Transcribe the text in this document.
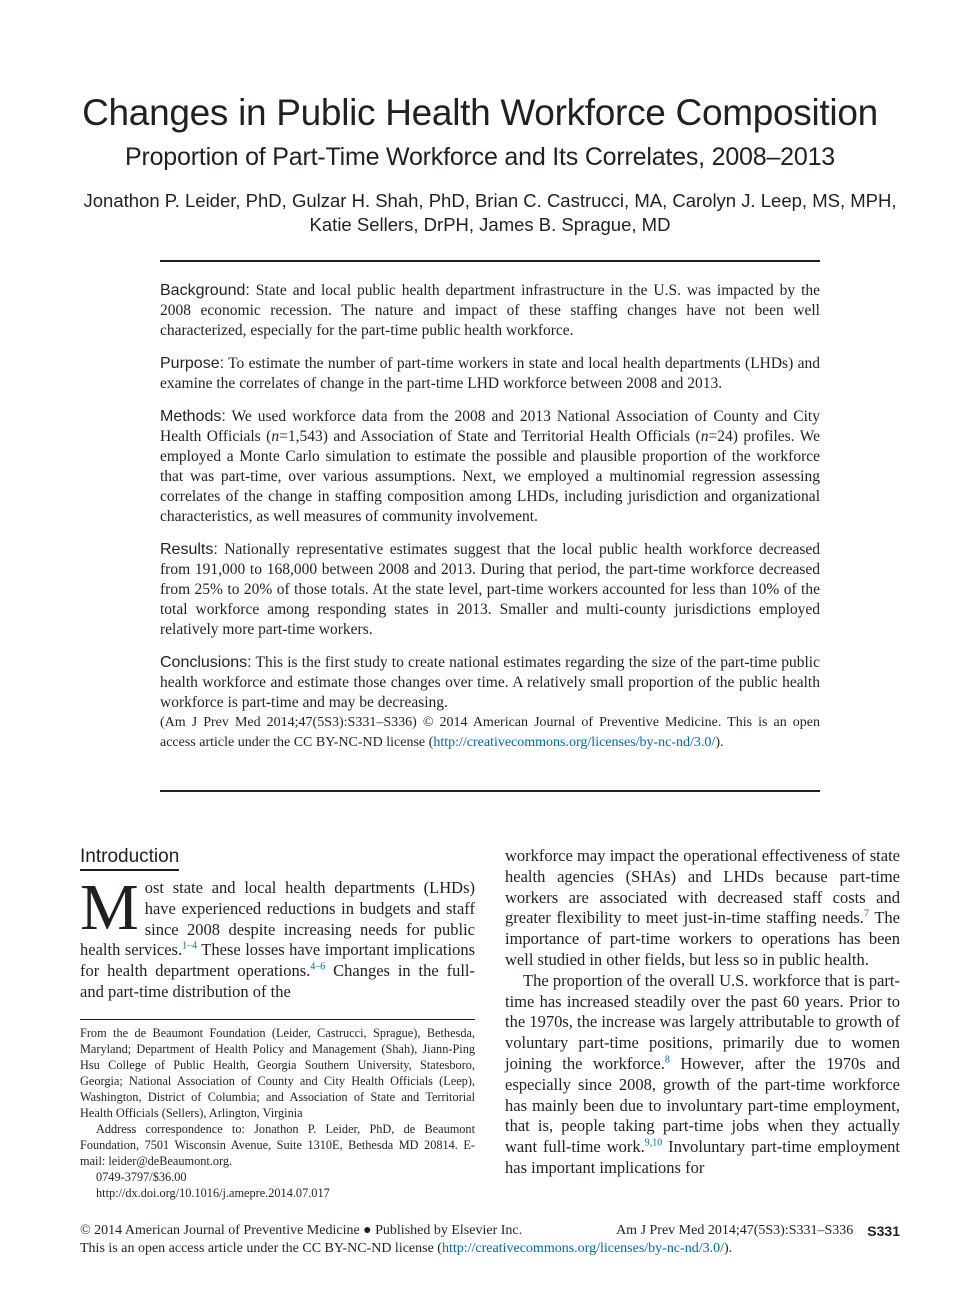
Changes in Public Health Workforce Composition
Proportion of Part-Time Workforce and Its Correlates, 2008–2013
Jonathon P. Leider, PhD, Gulzar H. Shah, PhD, Brian C. Castrucci, MA, Carolyn J. Leep, MS, MPH,
Katie Sellers, DrPH, James B. Sprague, MD

Background: State and local public health department infrastructure in the U.S. was impacted by the 2008 economic recession. The nature and impact of these staffing changes have not been well characterized, especially for the part-time public health workforce.

Purpose: To estimate the number of part-time workers in state and local health departments (LHDs) and examine the correlates of change in the part-time LHD workforce between 2008 and 2013.

Methods: We used workforce data from the 2008 and 2013 National Association of County and City Health Officials (n=1,543) and Association of State and Territorial Health Officials (n=24) profiles. We employed a Monte Carlo simulation to estimate the possible and plausible proportion of the workforce that was part-time, over various assumptions. Next, we employed a multinomial regression assessing correlates of the change in staffing composition among LHDs, including jurisdiction and organizational characteristics, as well measures of community involvement.

Results: Nationally representative estimates suggest that the local public health workforce decreased from 191,000 to 168,000 between 2008 and 2013. During that period, the part-time workforce decreased from 25% to 20% of those totals. At the state level, part-time workers accounted for less than 10% of the total workforce among responding states in 2013. Smaller and multi-county jurisdictions employed relatively more part-time workers.

Conclusions: This is the first study to create national estimates regarding the size of the part-time public health workforce and estimate those changes over time. A relatively small proportion of the public health workforce is part-time and may be decreasing.

(Am J Prev Med 2014;47(5S3):S331–S336) © 2014 American Journal of Preventive Medicine. This is an open access article under the CC BY-NC-ND license (http://creativecommons.org/licenses/by-nc-nd/3.0/).

Introduction

Most state and local health departments (LHDs) have experienced reductions in budgets and staff since 2008 despite increasing needs for public health services.$^{1-4}$ These losses have important implications for health department operations.$^{4-6}$ Changes in the full- and part-time distribution of the

From the de Beaumont Foundation (Leider, Castrucci, Sprague), Bethesda, Maryland; Department of Health Policy and Management (Shah), Jiann-Ping Hsu College of Public Health, Georgia Southern University, Statesboro, Georgia; National Association of County and City Health Officials (Leep), Washington, District of Columbia; and Association of State and Territorial Health Officials (Sellers), Arlington, Virginia

Address correspondence to: Jonathon P. Leider, PhD, de Beaumont Foundation, 7501 Wisconsin Avenue, Suite 1310E, Bethesda MD 20814. E-mail: leider@deBeaumont.org.

0749-3797/$36.00

http://dx.doi.org/10.1016/j.amepre.2014.07.017

workforce may impact the operational effectiveness of state health agencies (SHAs) and LHDs because part-time workers are associated with decreased staff costs and greater flexibility to meet just-in-time staffing needs.$^7$ The importance of part-time workers to operations has been well studied in other fields, but less so in public health.

The proportion of the overall U.S. workforce that is part-time has increased steadily over the past 60 years. Prior to the 1970s, the increase was largely attributable to growth of voluntary part-time positions, primarily due to women joining the workforce.$^8$ However, after the 1970s and especially since 2008, growth of the part-time workforce has mainly been due to involuntary part-time employment, that is, people taking part-time jobs when they actually want full-time work.$^{9,10}$ Involuntary part-time employment has important implications for

© 2014 American Journal of Preventive Medicine ● Published by Elsevier Inc.	Am J Prev Med 2014;47(5S3):S331–S336 S331
This is an open access article under the CC BY-NC-ND license (http://creativecommons.org/licenses/by-nc-nd/3.0/).
